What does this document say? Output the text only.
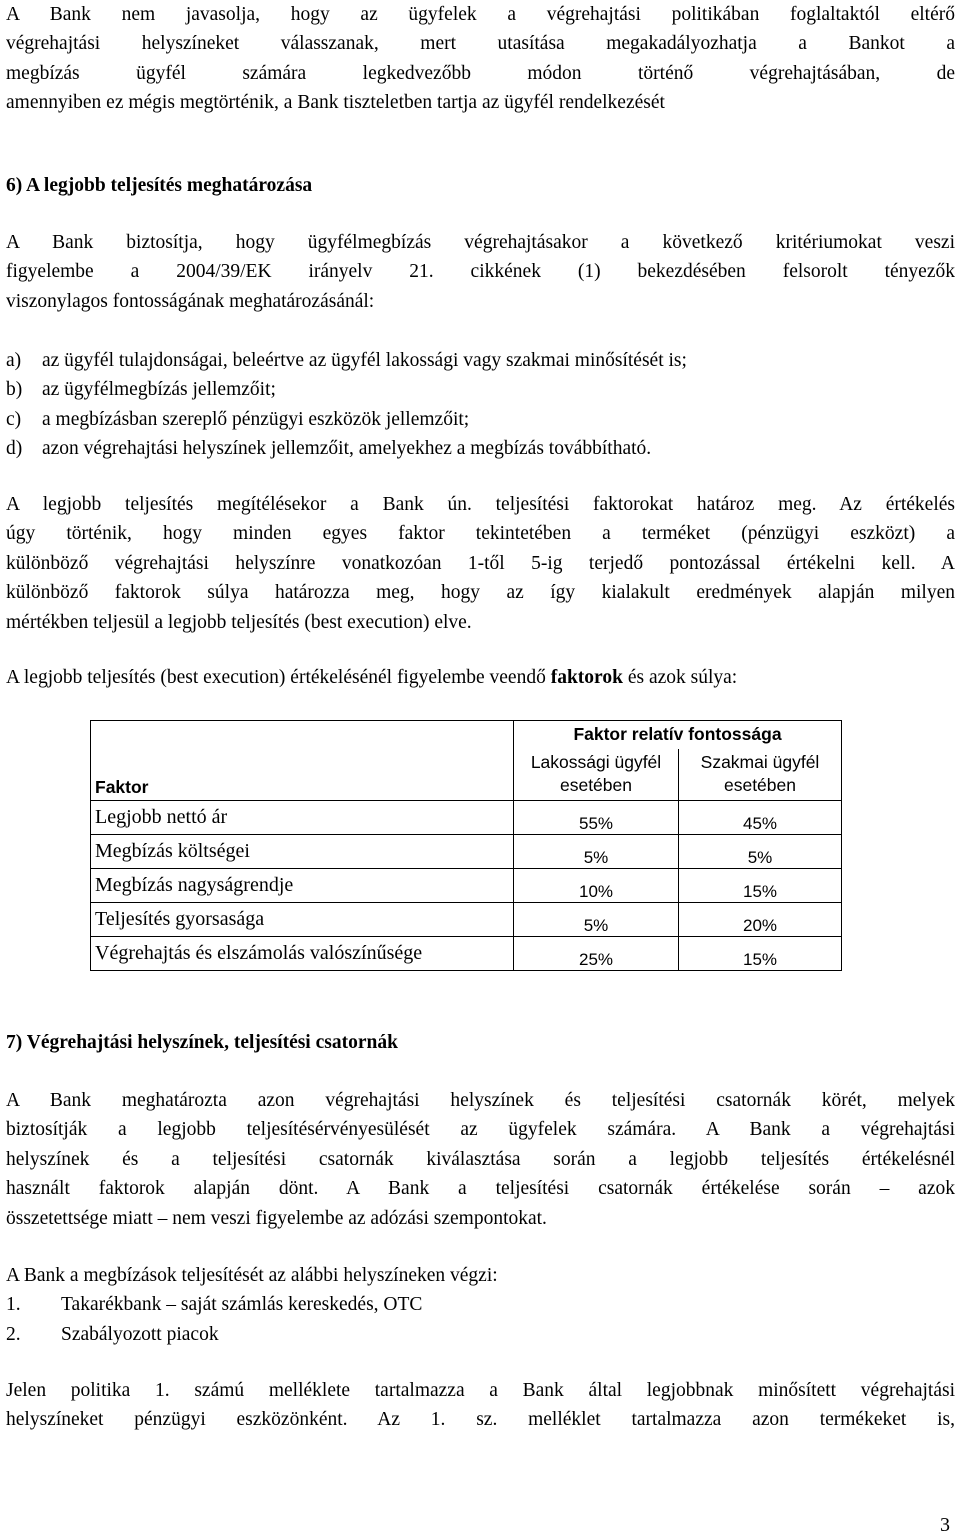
A Bank nem javasolja, hogy az ügyfelek a végrehajtási politikában foglaltaktól eltérő
végrehajtási helyszíneket válasszanak, mert utasítása megakadályozhatja a Bankot a
megbízás ügyfél számára legkedvezőbb módon történő végrehajtásában, de
amennyiben ez mégis megtörténik, a Bank tiszteletben tartja az ügyfél rendelkezését
6) A legjobb teljesítés meghatározása
A Bank biztosítja, hogy ügyfélmegbízás végrehajtásakor a következő kritériumokat veszi
figyelembe a 2004/39/EK irányelv 21. cikkének (1) bekezdésében felsorolt tényezők
viszonylagos fontosságának meghatározásánál:
a) az ügyfél tulajdonságai, beleértve az ügyfél lakossági vagy szakmai minősítését is;
b) az ügyfélmegbízás jellemzőit;
c) a megbízásban szereplő pénzügyi eszközök jellemzőit;
d) azon végrehajtási helyszínek jellemzőit, amelyekhez a megbízás továbbítható.
A legjobb teljesítés megítélésekor a Bank ún. teljesítési faktorokat határoz meg. Az értékelés
úgy történik, hogy minden egyes faktor tekintetében a terméket (pénzügyi eszközt) a
különböző végrehajtási helyszínre vonatkozóan 1-től 5-ig terjedő pontozással értékelni kell. A
különböző faktorok súlya határozza meg, hogy az így kialakult eredmények alapján milyen
mértékben teljesül a legjobb teljesítés (best execution) elve.
A legjobb teljesítés (best execution) értékelésénél figyelembe veendő faktorok és azok súlya:
Faktor	Faktor relatív fontossága	
	Lakossági ügyfél esetében	Szakmai ügyfél esetében
Legjobb nettó ár	55%	45%
Megbízás költségei	5%	5%
Megbízás nagyságrendje	10%	15%
Teljesítés gyorsasága	5%	20%
Végrehajtás és elszámolás valószínűsége	25%	15%
7) Végrehajtási helyszínek, teljesítési csatornák
A Bank meghatározta azon végrehajtási helyszínek és teljesítési csatornák körét, melyek
biztosítják a legjobb teljesítésérvényesülését az ügyfelek számára. A Bank a végrehajtási
helyszínek és a teljesítési csatornák kiválasztása során a legjobb teljesítés értékelésnél
használt faktorok alapján dönt. A Bank a teljesítési csatornák értékelése során – azok
összetettsége miatt – nem veszi figyelembe az adózási szempontokat.
A Bank a megbízások teljesítését az alábbi helyszíneken végzi:
1. Takarékbank – saját számlás kereskedés, OTC
2. Szabályozott piacok
Jelen politika 1. számú melléklete tartalmazza a Bank által legjobbnak minősített végrehajtási
helyszíneket pénzügyi eszközönként. Az 1. sz. melléklet tartalmazza azon termékeket is,
3
